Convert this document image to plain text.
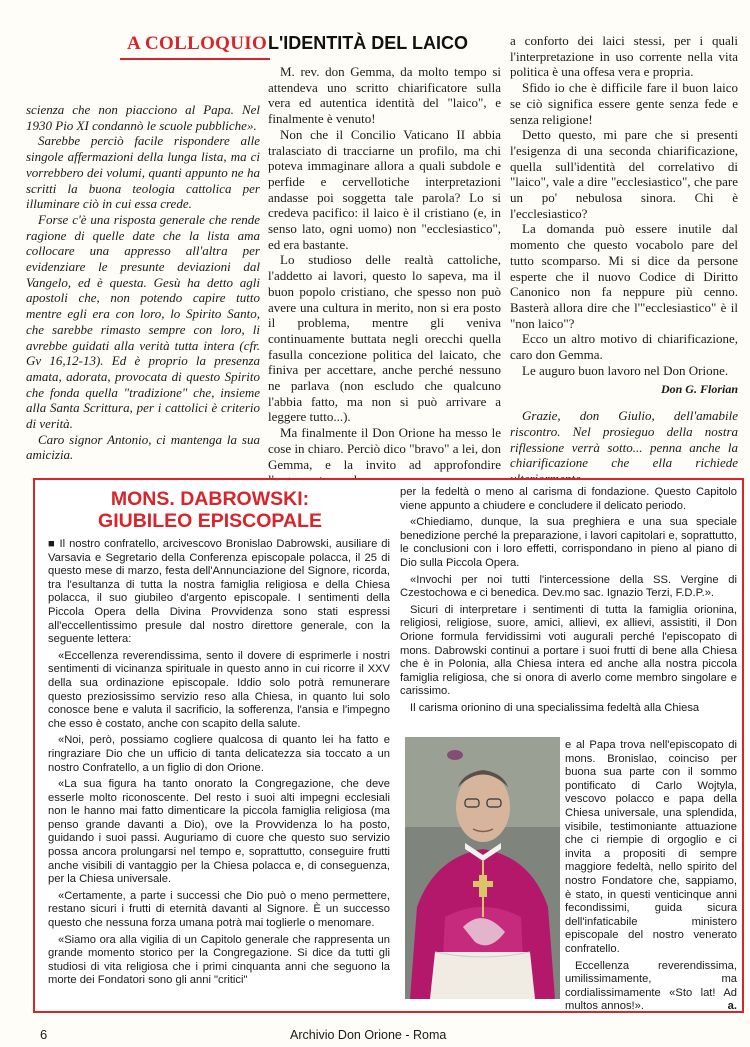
A COLLOQUIO L'IDENTITÀ DEL LAICO

scienza che non piacciono al Papa. Nel 1930 Pio XI condannò le scuole pubbliche».

Sarebbe perciò facile rispondere alle singole affermazioni della lunga lista, ma ci vorrebbero dei volumi, quanti appunto ne ha scritti la buona teologia cattolica per illuminare ciò in cui essa crede.

Forse c'è una risposta generale che rende ragione di quelle date che la lista ama collocare una appresso all'altra per evidenziare le presunte deviazioni dal Vangelo, ed è questa. Gesù ha detto agli apostoli che, non potendo capire tutto mentre egli era con loro, lo Spirito Santo, che sarebbe rimasto sempre con loro, li avrebbe guidati alla verità tutta intera (cfr. Gv 16,12-13). Ed è proprio la presenza amata, adorata, provocata di questo Spirito che fonda quella "tradizione" che, insieme alla Santa Scrittura, per i cattolici è criterio di verità.

Caro signor Antonio, ci mantenga la sua amicizia.

M. rev. don Gemma, da molto tempo si attendeva uno scritto chiarificatore sulla vera ed autentica identità del "laico", e finalmente è venuto!

Non che il Concilio Vaticano II abbia tralasciato di tracciarne un profilo, ma chi poteva immaginare allora a quali subdole e perfide e cervellotiche interpretazioni andasse poi soggetta tale parola? Lo si credeva pacifico: il laico è il cristiano (e, in senso lato, ogni uomo) non "ecclesiastico", ed era bastante.

Lo studioso delle realtà cattoliche, l'addetto ai lavori, questo lo sapeva, ma il buon popolo cristiano, che spesso non può avere una cultura in merito, non si era posto il problema, mentre gli veniva continuamente buttata negli orecchi quella fasulla concezione politica del laicato, che finiva per accettare, anche perché nessuno ne parlava (non escludo che qualcuno l'abbia fatto, ma non si può arrivare a leggere tutto...).

Ma finalmente il Don Orione ha messo le cose in chiaro. Perciò dico "bravo" a lei, don Gemma, e la invito ad approfondire

a conforto dei laici stessi, per i quali l'interpretazione in uso corrente nella vita politica è una offesa vera e propria.

Sfido io che è difficile fare il buon laico se ciò significa essere gente senza fede e senza religione!

Detto questo, mi pare che si presenti l'esigenza di una seconda chiarificazione, quella sull'identità del correlativo di "laico", vale a dire "ecclesiastico", che pare un po' nebulosa sinora. Chi è l'ecclesiastico?

La domanda può essere inutile dal momento che questo vocabolo pare del tutto scomparso. Mi si dice da persone esperte che il nuovo Codice di Diritto Canonico non fa neppure più cenno. Basterà allora dire che l'"ecclesiastico" è il "non laico"?

Ecco un altro motivo di chiarificazione, caro don Gemma.

Le auguro buon lavoro nel Don Orione.

Don G. Florian

Grazie, don Giulio, dell'amabile riscontro. Nel prosieguo della nostra riflessione verrà sotto... penna anche la chiarificazione che ella richiede

MONS. DABROWSKI:
GIUBILEO EPISCOPALE

■ Il nostro confratello, arcivescovo Bronislao Dabrowski, ausiliare di Varsavia e Segretario della Conferenza episcopale polacca, il 25 di questo mese di marzo, festa dell'Annunciazione del Signore, ricorda, tra l'esultanza di tutta la nostra famiglia religiosa e della Chiesa polacca, il suo giubileo d'argento episcopale. I sentimenti della Piccola Opera della Divina Provvidenza sono stati espressi all'eccellentissimo presule dal nostro direttore generale, con la seguente lettera:

«Eccellenza reverendissima, sento il dovere di esprimerle i nostri sentimenti di vicinanza spirituale in questo anno in cui ricorre il XXV della sua ordinazione episcopale. Iddio solo potrà remunerare questo preziosissimo servizio reso alla Chiesa, in quanto lui solo conosce bene e valuta il sacrificio, la sofferenza, l'ansia e l'impegno che esso è costato, anche con scapito della salute.

«Noi, però, possiamo cogliere qualcosa di quanto lei ha fatto e ringraziare Dio che un ufficio di tanta delicatezza sia toccato a un nostro Confratello, a un figlio di don Orione.

«La sua figura ha tanto onorato la Congregazione, che deve esserle molto riconoscente. Del resto i suoi alti impegni ecclesiali non le hanno mai fatto dimenticare la piccola famiglia religiosa (ma penso grande davanti a Dio), ove la Provvidenza lo ha posto, guidando i suoi passi. Auguriamo di cuore che questo suo servizio possa ancora prolungarsi nel tempo e, soprattutto, conseguire frutti anche visibili di vantaggio per la Chiesa polacca e, di conseguenza, per la Chiesa universale.

«Certamente, a parte i successi che Dio può o meno permettere, restano sicuri i frutti di eternità davanti al Signore. È un successo questo che nessuna forza umana potrà mai toglierle o menomare.

«Siamo ora alla vigilia di un Capitolo generale che rappresenta un grande momento storico per la Congregazione. Si dice da tutti gli studiosi di vita religiosa che i primi cinquanta anni che seguono la morte dei Fondatori sono gli anni "critici"

per la fedeltà o meno al carisma di fondazione. Questo Capitolo viene appunto a chiudere e concludere il delicato periodo.

«Chiediamo, dunque, la sua preghiera e una sua speciale benedizione perché la preparazione, i lavori capitolari e, soprattutto, le conclusioni con i loro effetti, corrispondano in pieno al piano di Dio sulla Piccola Opera.

«Invochi per noi tutti l'intercessione della SS. Vergine di Czestochowa e ci benedica. Dev.mo sac. Ignazio Terzi, F.D.P.».

Sicuri di interpretare i sentimenti di tutta la famiglia orionina, religiosi, religiose, suore, amici, allievi, ex allievi, assistiti, il Don Orione formula fervidissimi voti augurali perché l'episcopato di mons. Dabrowski continui a portare i suoi frutti di bene alla Chiesa che è in Polonia, alla Chiesa intera ed anche alla nostra piccola famiglia religiosa, che si onora di averlo come membro singolare e carissimo.

Il carisma orionino di una specialissima fedeltà alla Chiesa

e al Papa trova nell'episcopato di mons. Bronislao, coinciso per buona sua parte con il sommo pontificato di Carlo Wojtyla, vescovo polacco e papa della Chiesa universale, una splendida, visibile, testimoniante attuazione che ci riempie di orgoglio e ci invita a propositi di sempre maggiore fedeltà, nello spirito del nostro Fondatore che, sappiamo, è stato, in questi venticinque anni fecondissimi, guida sicura dell'infaticabile ministero episcopale del nostro venerato confratello.

Eccellenza reverendissima, umilissimamente, ma cordialissimamente «Sto lat! Ad multos annos!».	a.

6	Archivio Don Orione - Roma
